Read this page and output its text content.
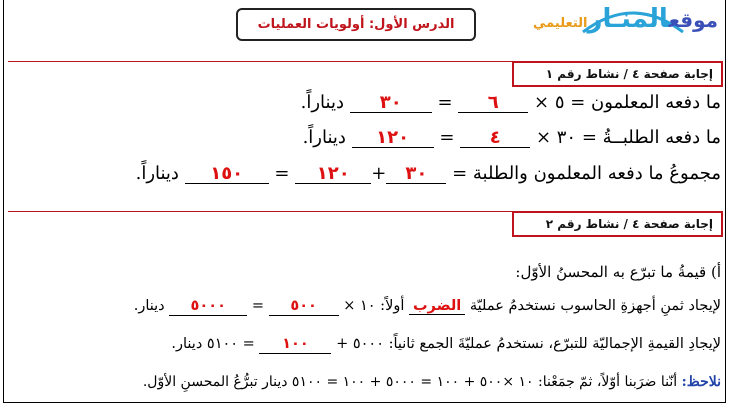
موقعالمنـارالتعليمي
الدرس الأول: أولويات العمليات
إجابة صفحة ٤ / نشاط رقم ١
ما دفعه المعلمون = ٥ × ٦ = ٣٠ ديناراً.
ما دفعه الطلبــةُ = ٣٠ × ٤ = ١٢٠ ديناراً.
مجموعُ ما دفعه المعلمون والطلبة = ٣٠+١٢٠ = ١٥٠ ديناراً.
إجابة صفحة ٤ / نشاط رقم ٢
أ) قيمةُ ما تبرّع به المحسنُ الأوّل:
لإيجاد ثمنِ أجهزةِ الحاسوب نستخدمُ عمليّة الضرب أولاً: ١٠ × ٥٠٠ = ٥٠٠٠ دينار.
لإيجادِ القيمةِ الإجماليّة للتبرّع، نستخدمُ عمليّةَ الجمع ثانياً: ٥٠٠٠ + ١٠٠ = ٥١٠٠ دينار.
نلاحظ: أنّنا ضرَبنا أوّلاً، ثمّ جمَعْنا: ١٠ ×٥٠٠ + ١٠٠ = ٥٠٠٠ + ١٠٠ = ٥١٠٠ دينار تبرُّعُ المحسنِ الأوّل.
